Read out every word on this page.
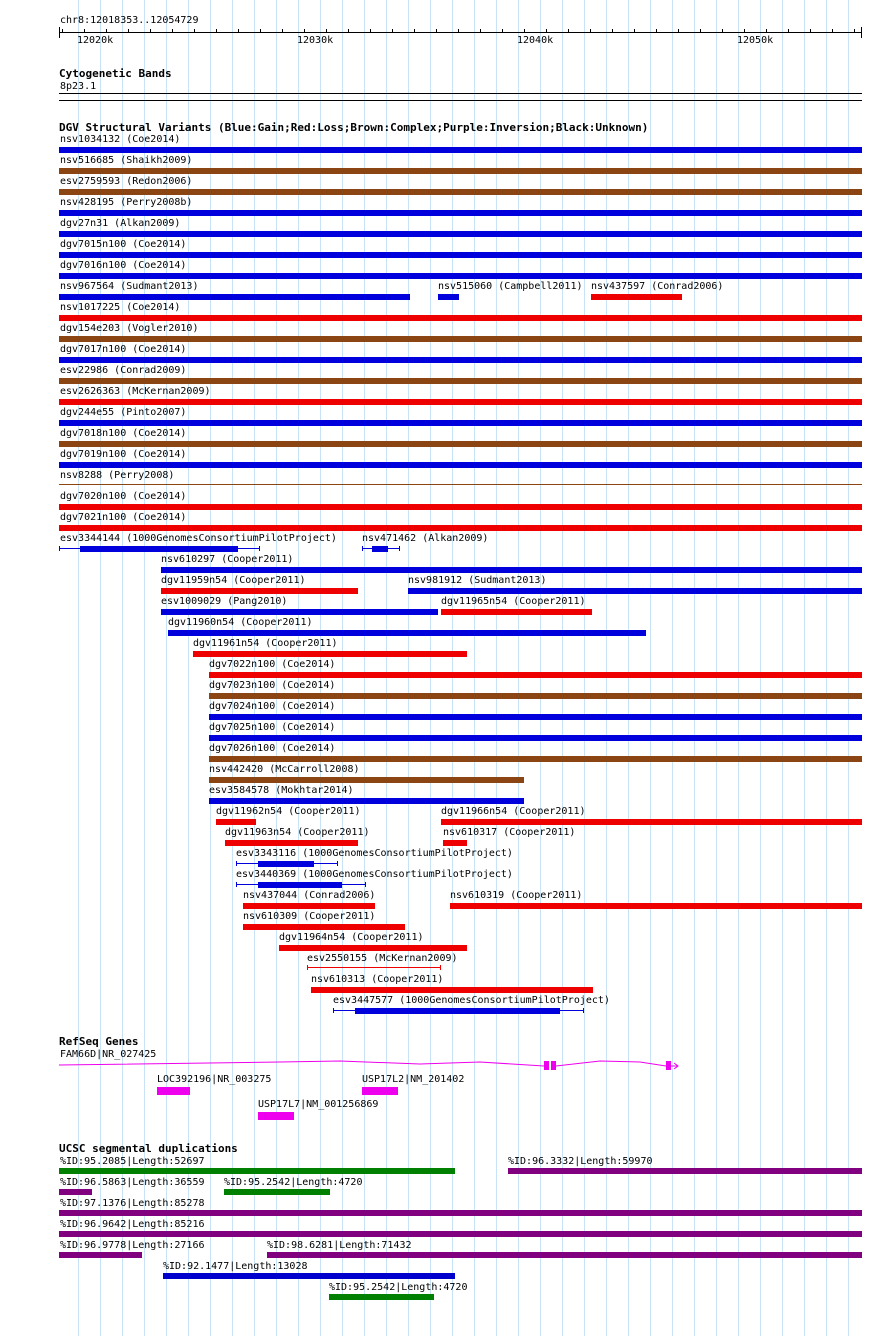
chr8:12018353..12054729
12020k	12030k	12040k	12050k
Cytogenetic Bands
8p23.1
DGV Structural Variants (Blue:Gain;Red:Loss;Brown:Complex;Purple:Inversion;Black:Unknown)
RefSeq Genes
FAM66D|NR_027425
LOC392196|NR_003275	USP17L2|NM_201402
USP17L7|NM_001256869
UCSC segmental duplications
nsv1034132 (Coe2014)
nsv516685 (Shaikh2009)
esv2759593 (Redon2006)
nsv428195 (Perry2008b)
dgv27n31 (Alkan2009)
dgv7015n100 (Coe2014)
dgv7016n100 (Coe2014)
nsv967564 (Sudmant2013)	nsv515060 (Campbell2011) nsv437597 (Conrad2006)
nsv1017225 (Coe2014)
dgv154e203 (Vogler2010)
dgv7017n100 (Coe2014)
esv22986 (Conrad2009)
esv2626363 (McKernan2009)
dgv244e55 (Pinto2007)
dgv7018n100 (Coe2014)
dgv7019n100 (Coe2014)
nsv8288 (Perry2008)
dgv7020n100 (Coe2014)
dgv7021n100 (Coe2014)
esv3344144 (1000GenomesConsortiumPilotProject)	nsv471462 (Alkan2009)
nsv610297 (Cooper2011)
dgv11959n54 (Cooper2011)	nsv981912 (Sudmant2013)
esv1009029 (Pang2010)	dgv11965n54 (Cooper2011)
dgv11960n54 (Cooper2011)
dgv11961n54 (Cooper2011)
dgv7022n100 (Coe2014)
dgv7023n100 (Coe2014)
dgv7024n100 (Coe2014)
dgv7025n100 (Coe2014)
dgv7026n100 (Coe2014)
nsv442420 (McCarroll2008)
esv3584578 (Mokhtar2014)
dgv11962n54 (Cooper2011)	dgv11966n54 (Cooper2011)
dgv11963n54 (Cooper2011)	nsv610317 (Cooper2011)
esv3343116 (1000GenomesConsortiumPilotProject)
esv3440369 (1000GenomesConsortiumPilotProject)
nsv437044 (Conrad2006)	nsv610319 (Cooper2011)
nsv610309 (Cooper2011)
dgv11964n54 (Cooper2011)
esv2550155 (McKernan2009)
nsv610313 (Cooper2011)
esv3447577 (1000GenomesConsortiumPilotProject)
%ID:95.2085|Length:52697	%ID:96.3332|Length:59970
%ID:96.5863|Length:36559 %ID:95.2542|Length:4720
%ID:97.1376|Length:85278
%ID:96.9642|Length:85216
%ID:96.9778|Length:27166	%ID:98.6281|Length:71432
%ID:92.1477|Length:13028
%ID:95.2542|Length:4720
